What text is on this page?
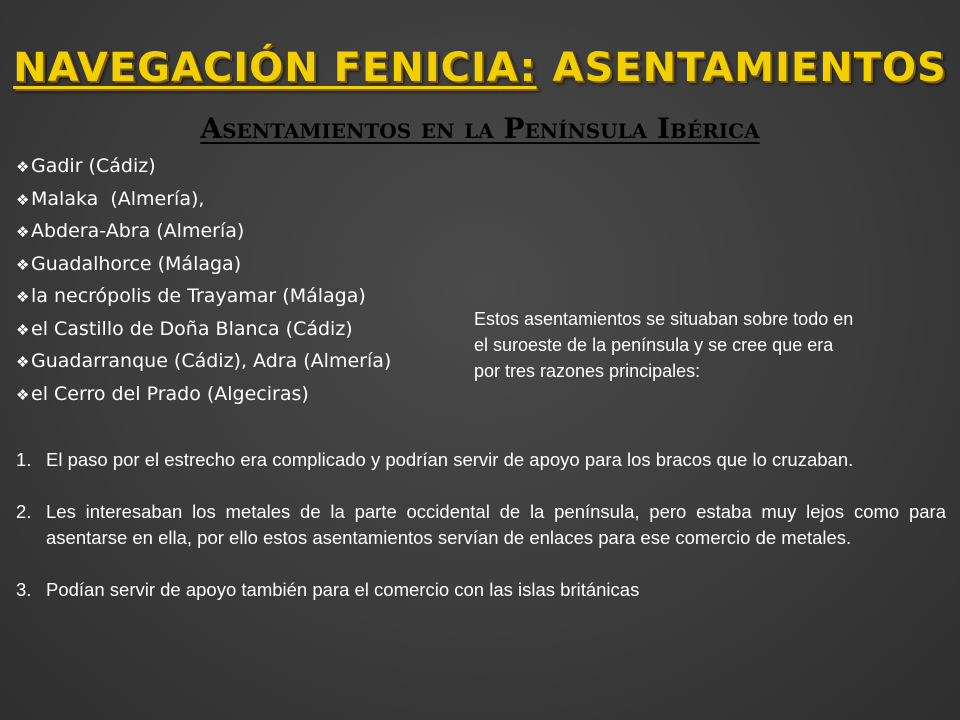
NAVEGACIÓN FENICIA: ASENTAMIENTOS
Asentamientos en la Península Ibérica
❖Gadir (Cádiz)
❖Malaka  (Almería),
❖Abdera-Abra (Almería)
❖Guadalhorce (Málaga)
❖la necrópolis de Trayamar (Málaga)
❖el Castillo de Doña Blanca (Cádiz)
❖Guadarranque (Cádiz), Adra (Almería)
❖el Cerro del Prado (Algeciras)
Estos asentamientos se situaban sobre todo en el suroeste de la península y se cree que era por tres razones principales:
1. El paso por el estrecho era complicado y podrían servir de apoyo para los bracos que lo cruzaban.
2. Les interesaban los metales de la parte occidental de la península, pero estaba muy lejos como para asentarse en ella, por ello estos asentamientos servían de enlaces para ese comercio de metales.
3. Podían servir de apoyo también para el comercio con las islas británicas
